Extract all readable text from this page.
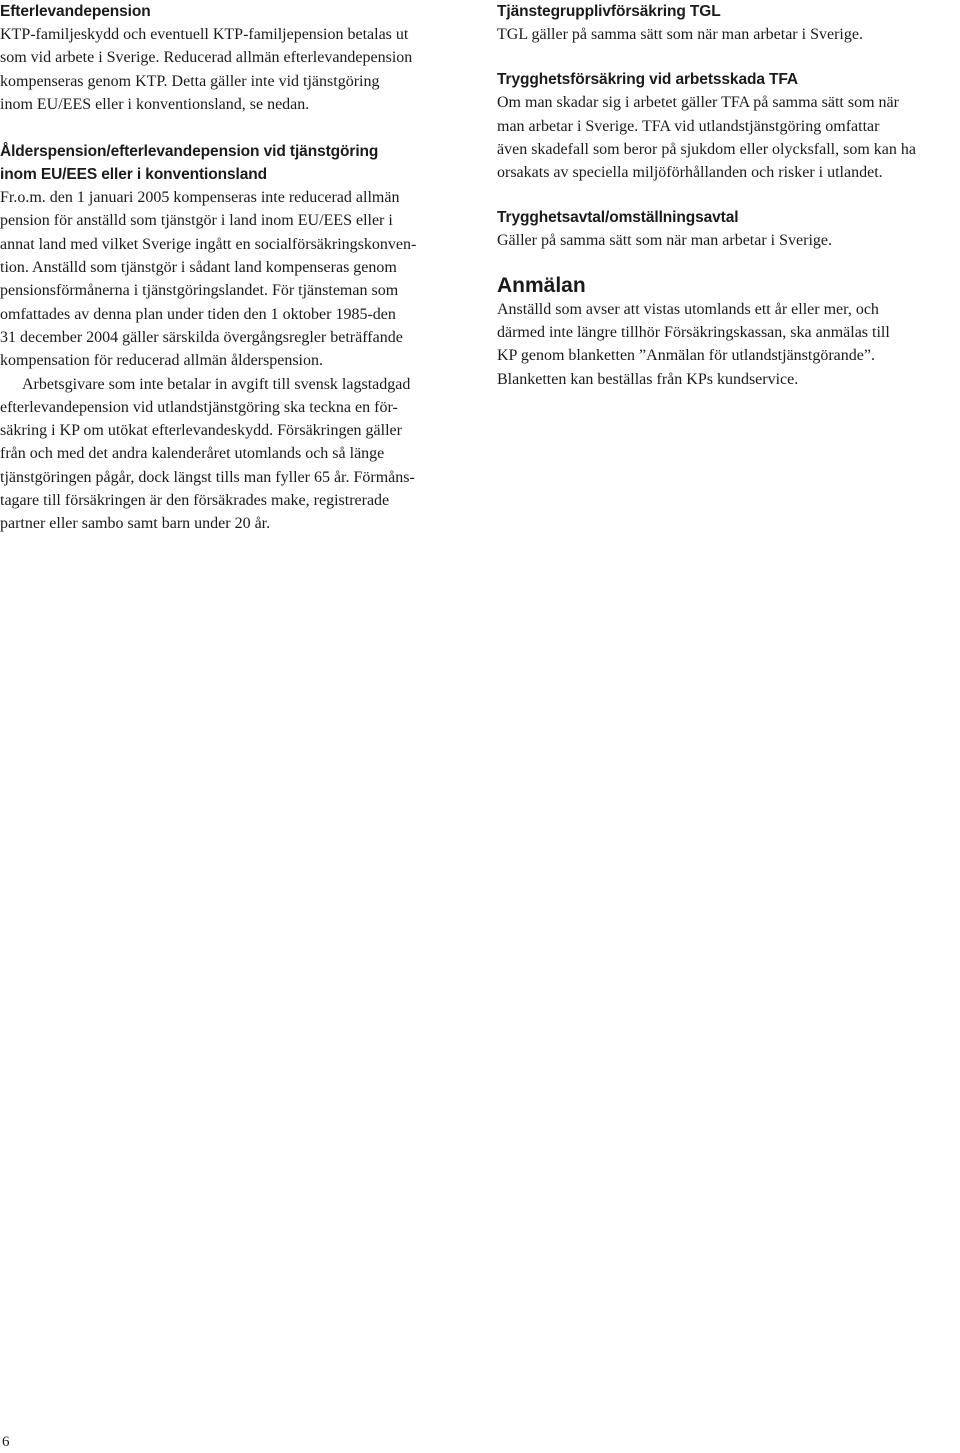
Efterlevandepension

KTP-familjeskydd och eventuell KTP-familjepension betalas ut
som vid arbete i Sverige. Reducerad allmän efterlevandepension
kompenseras genom KTP. Detta gäller inte vid tjänstgöring
inom EU/EES eller i konventionsland, se nedan.

Ålderspension/efterlevandepension vid tjänstgöring
inom EU/EES eller i konventionsland

Fr.o.m. den 1 januari 2005 kompenseras inte reducerad allmän
pension för anställd som tjänstgör i land inom EU/EES eller i
annat land med vilket Sverige ingått en socialförsäkringskonven-
tion. Anställd som tjänstgör i sådant land kompenseras genom
pensionsförmånerna i tjänstgöringslandet. För tjänsteman som
omfattades av denna plan under tiden den 1 oktober 1985-den
31 december 2004 gäller särskilda övergångsregler beträffande
kompensation för reducerad allmän ålderspension.

Arbetsgivare som inte betalar in avgift till svensk lagstadgad
efterlevandepension vid utlandstjänstgöring ska teckna en för-
säkring i KP om utökat efterlevandeskydd. Försäkringen gäller
från och med det andra kalenderåret utomlands och så länge
tjänstgöringen pågår, dock längst tills man fyller 65 år. Förmåns-
tagare till försäkringen är den försäkrades make, registrerade
partner eller sambo samt barn under 20 år.

Tjänstegrupplivförsäkring TGL

TGL gäller på samma sätt som när man arbetar i Sverige.

Trygghetsförsäkring vid arbetsskada TFA

Om man skadar sig i arbetet gäller TFA på samma sätt som när
man arbetar i Sverige. TFA vid utlandstjänstgöring omfattar
även skadefall som beror på sjukdom eller olycksfall, som kan ha
orsakats av speciella miljöförhållanden och risker i utlandet.

Trygghetsavtal/omställningsavtal

Gäller på samma sätt som när man arbetar i Sverige.

Anmälan

Anställd som avser att vistas utomlands ett år eller mer, och
därmed inte längre tillhör Försäkringskassan, ska anmälas till
KP genom blanketten ”Anmälan för utlandstjänstgörande”.
Blanketten kan beställas från KPs kundservice.

6
